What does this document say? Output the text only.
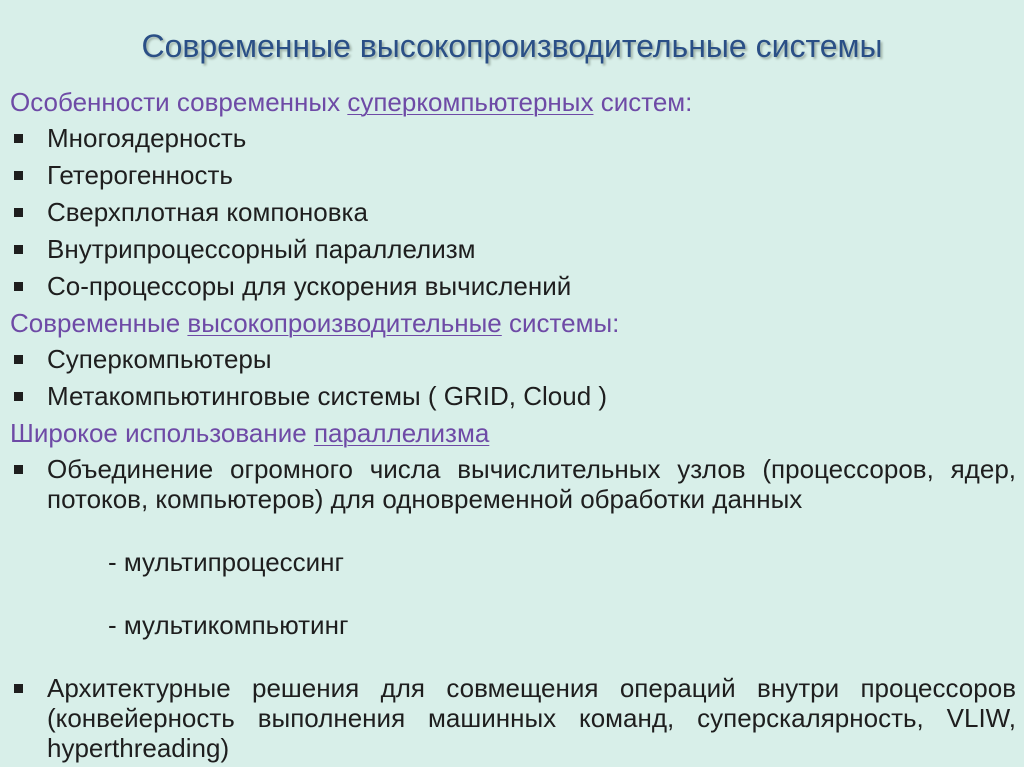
Современные высокопроизводительные системы

Особенности современных суперкомпьютерных систем:

Многоядерность

Гетерогенность

Сверхплотная компоновка

Внутрипроцессорный параллелизм

Со-процессоры для ускорения вычислений

Современные высокопроизводительные системы:

Суперкомпьютеры

Метакомпьютинговые системы ( GRID, Cloud )

Широкое использование параллелизма

Объединение огромного числа вычислительных узлов (процессоров, ядер, потоков, компьютеров) для одновременной обработки данных

- мультипроцессинг

- мультикомпьютинг

Архитектурные решения для совмещения операций внутри процессоров (конвейерность выполнения машинных команд, суперскалярность, VLIW, hyperthreading)
